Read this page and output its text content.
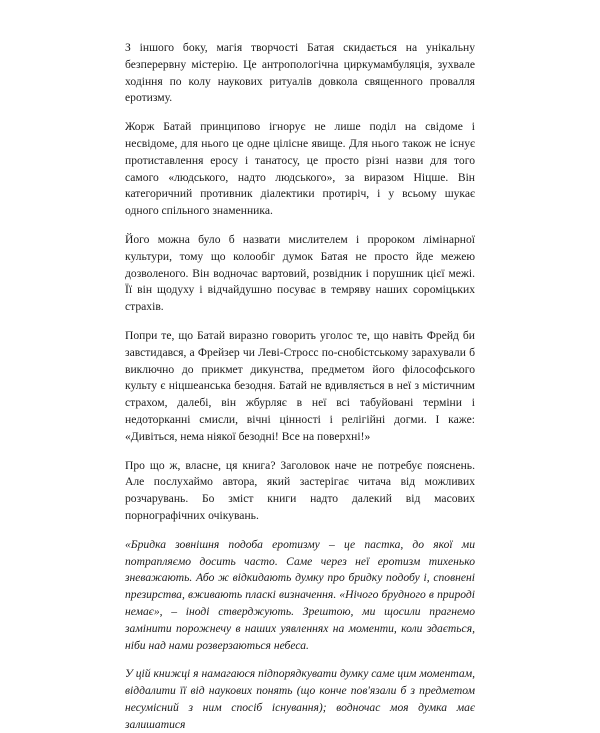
З іншого боку, магія творчості Батая скидається на унікальну безперервну містерію. Це антропологічна циркумамбуляція, зухвале ходіння по колу наукових ритуалів довкола священного провалля еротизму.

Жорж Батай принципово ігнорує не лише поділ на свідоме і несвідоме, для нього це одне цілісне явище. Для нього також не існує протиставлення еросу і танатосу, це просто різні назви для того самого «людського, надто людського», за виразом Ніцше. Він категоричний противник діалектики протиріч, і у всьому шукає одного спільного знаменника.

Його можна було б назвати мислителем і пророком лімінарної культури, тому що колообіг думок Батая не просто йде межею дозволеного. Він водночас вартовий, розвідник і порушник цієї межі. Її він щодуху і відчайдушно посуває в темряву наших сороміцьких страхів.

Попри те, що Батай виразно говорить уголос те, що навіть Фрейд би завстидався, а Фрейзер чи Леві-Стросс по-снобістському зарахували б виключно до прикмет дикунства, предметом його філософського культу є ніцшеанська безодня. Батай не вдивляється в неї з містичним страхом, далебі, він жбурляє в неї всі табуйовані терміни і недоторканні смисли, вічні цінності і релігійні догми. І каже: «Дивіться, нема ніякої безодні! Все на поверхні!»

Про що ж, власне, ця книга? Заголовок наче не потребує пояснень. Але послухаймо автора, який застерігає читача від можливих розчарувань. Бо зміст книги надто далекий від масових порнографічних очікувань.

«Бридка зовнішня подоба еротизму – це пастка, до якої ми потрапляємо досить часто. Саме через неї еротизм тихенько зневажають. Або ж відкидають думку про бридку подобу і, сповнені презирства, вживають пласкі визначення. «Нічого брудного в природі немає», – іноді стверджують. Зрештою, ми щосили прагнемо замінити порожнечу в наших уявленнях на моменти, коли здається, ніби над нами розверзаються небеса.

У цій книжці я намагаюся підпорядкувати думку саме цим моментам, віддалити її від наукових понять (що конче пов'язали б з предметом несумісний з ним спосіб існування); водночас моя думка має залишатися
